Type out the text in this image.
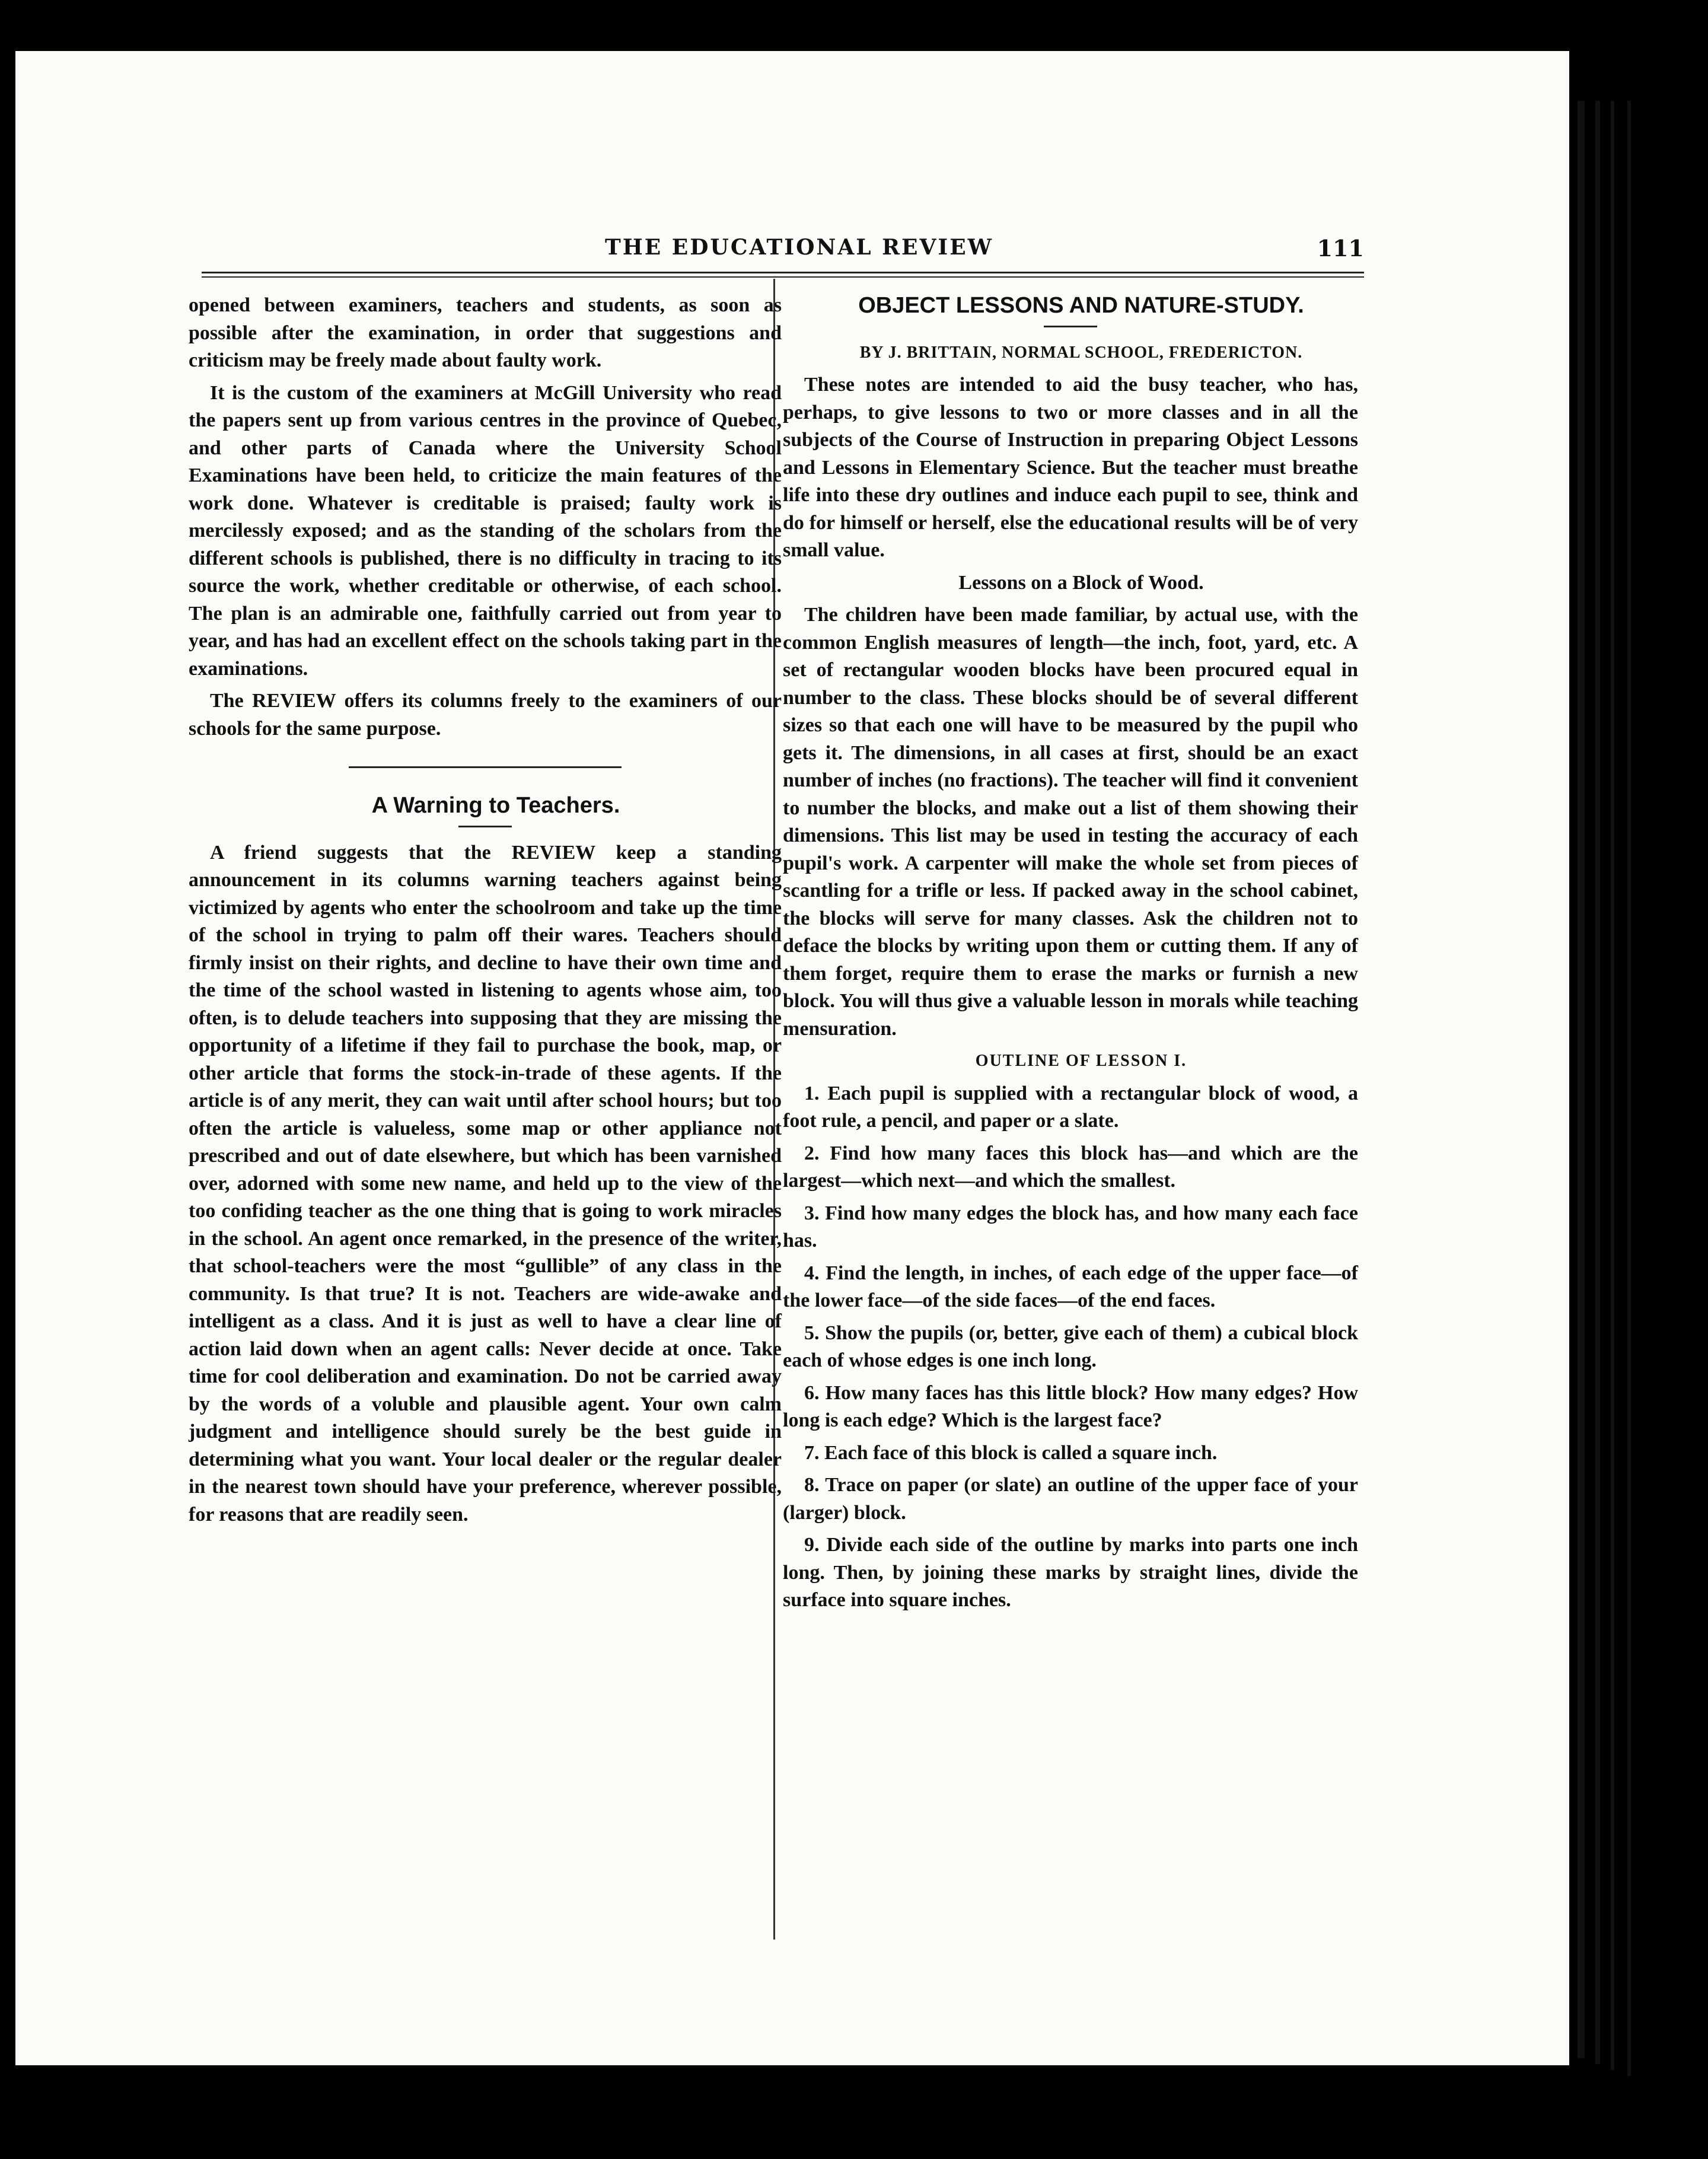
THE EDUCATIONAL REVIEW	111

opened between examiners, teachers and students, as soon as possible after the examination, in order that suggestions and criticism may be freely made about faulty work.

It is the custom of the examiners at McGill University who read the papers sent up from various centres in the province of Quebec, and other parts of Canada where the University School Examinations have been held, to criticize the main features of the work done. Whatever is creditable is praised; faulty work is mercilessly exposed; and as the standing of the scholars from the different schools is published, there is no difficulty in tracing to its source the work, whether creditable or otherwise, of each school. The plan is an admirable one, faithfully carried out from year to year, and has had an excellent effect on the schools taking part in the examinations.

The REVIEW offers its columns freely to the examiners of our schools for the same purpose.

A Warning to Teachers.

A friend suggests that the REVIEW keep a standing announcement in its columns warning teachers against being victimized by agents who enter the schoolroom and take up the time of the school in trying to palm off their wares. Teachers should firmly insist on their rights, and decline to have their own time and the time of the school wasted in listening to agents whose aim, too often, is to delude teachers into supposing that they are missing the opportunity of a lifetime if they fail to purchase the book, map, or other article that forms the stock-in-trade of these agents. If the article is of any merit, they can wait until after school hours; but too often the article is valueless, some map or other appliance not prescribed and out of date elsewhere, but which has been varnished over, adorned with some new name, and held up to the view of the too confiding teacher as the one thing that is going to work miracles in the school. An agent once remarked, in the presence of the writer, that school-teachers were the most “gullible” of any class in the community. Is that true? It is not. Teachers are wide-awake and intelligent as a class. And it is just as well to have a clear line of action laid down when an agent calls: Never decide at once. Take time for cool deliberation and examination. Do not be carried away by the words of a voluble and plausible agent. Your own calm judgment and intelligence should surely be the best guide in determining what you want. Your local dealer or the regular dealer in the nearest town should have your preference, wherever possible, for reasons that are readily seen.

OBJECT LESSONS AND NATURE-STUDY.

BY J. BRITTAIN, NORMAL SCHOOL, FREDERICTON.

These notes are intended to aid the busy teacher, who has, perhaps, to give lessons to two or more classes and in all the subjects of the Course of Instruction in preparing Object Lessons and Lessons in Elementary Science. But the teacher must breathe life into these dry outlines and induce each pupil to see, think and do for himself or herself, else the educational results will be of very small value.

Lessons on a Block of Wood.

The children have been made familiar, by actual use, with the common English measures of length—the inch, foot, yard, etc. A set of rectangular wooden blocks have been procured equal in number to the class. These blocks should be of several different sizes so that each one will have to be measured by the pupil who gets it. The dimensions, in all cases at first, should be an exact number of inches (no fractions). The teacher will find it convenient to number the blocks, and make out a list of them showing their dimensions. This list may be used in testing the accuracy of each pupil's work. A carpenter will make the whole set from pieces of scantling for a trifle or less. If packed away in the school cabinet, the blocks will serve for many classes. Ask the children not to deface the blocks by writing upon them or cutting them. If any of them forget, require them to erase the marks or furnish a new block. You will thus give a valuable lesson in morals while teaching mensuration.

OUTLINE OF LESSON I.

1. Each pupil is supplied with a rectangular block of wood, a foot rule, a pencil, and paper or a slate.

2. Find how many faces this block has—and which are the largest—which next—and which the smallest.

3. Find how many edges the block has, and how many each face has.

4. Find the length, in inches, of each edge of the upper face—of the lower face—of the side faces—of the end faces.

5. Show the pupils (or, better, give each of them) a cubical block each of whose edges is one inch long.

6. How many faces has this little block? How many edges? How long is each edge? Which is the largest face?

7. Each face of this block is called a square inch.

8. Trace on paper (or slate) an outline of the upper face of your (larger) block.

9. Divide each side of the outline by marks into parts one inch long. Then, by joining these marks by straight lines, divide the surface into square inches.
